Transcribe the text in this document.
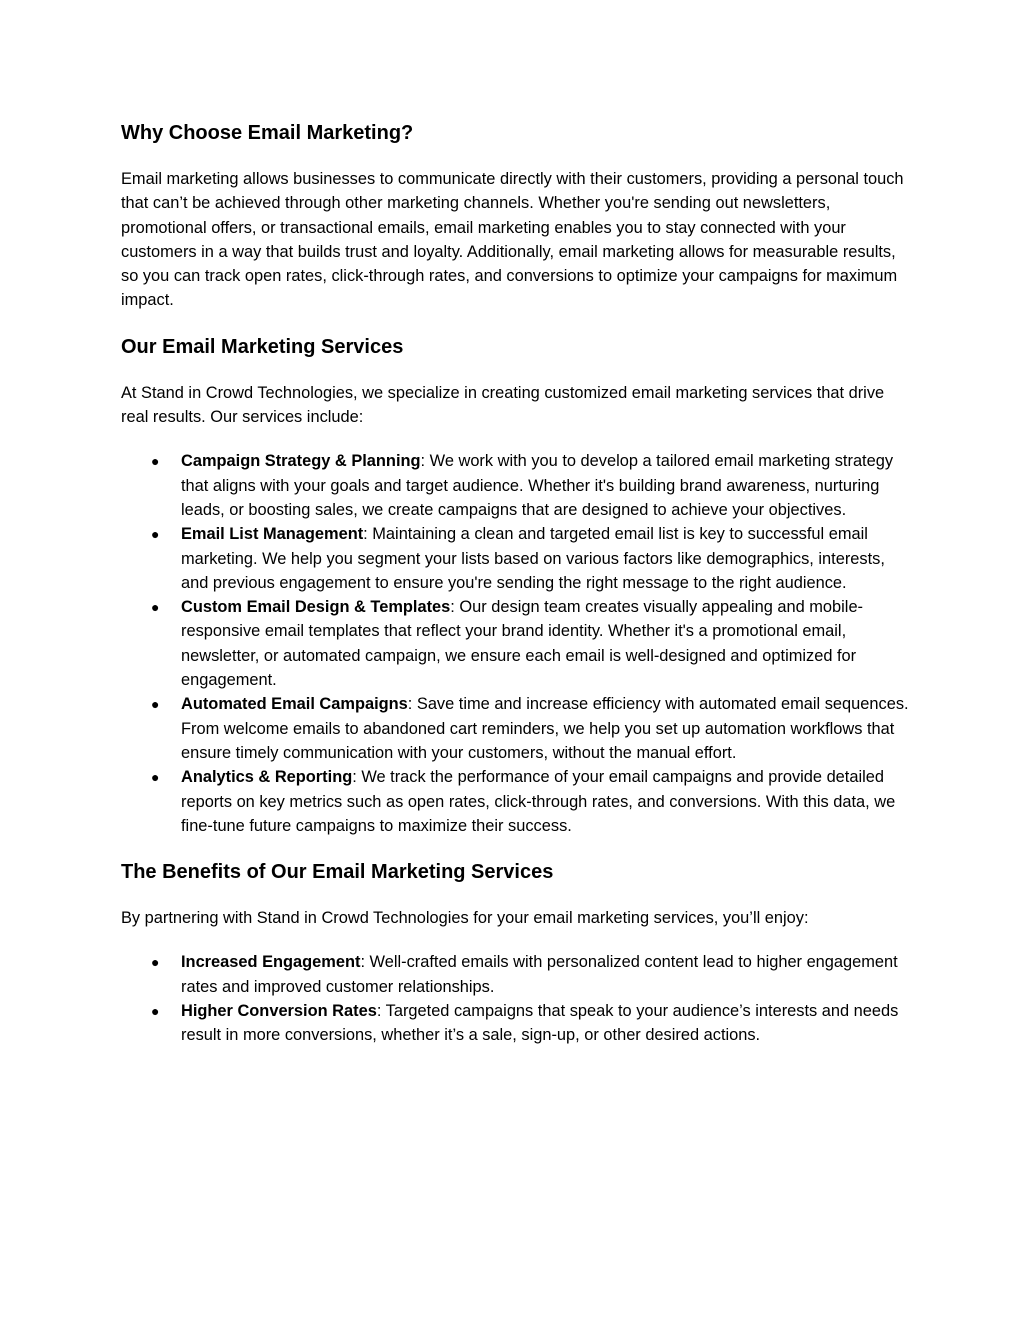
Why Choose Email Marketing?

Email marketing allows businesses to communicate directly with their customers, providing a personal touch that can’t be achieved through other marketing channels. Whether you're sending out newsletters, promotional offers, or transactional emails, email marketing enables you to stay connected with your customers in a way that builds trust and loyalty. Additionally, email marketing allows for measurable results, so you can track open rates, click-through rates, and conversions to optimize your campaigns for maximum impact.

Our Email Marketing Services

At Stand in Crowd Technologies, we specialize in creating customized email marketing services that drive real results. Our services include:

● Campaign Strategy & Planning: We work with you to develop a tailored email marketing strategy that aligns with your goals and target audience. Whether it's building brand awareness, nurturing leads, or boosting sales, we create campaigns that are designed to achieve your objectives.
● Email List Management: Maintaining a clean and targeted email list is key to successful email marketing. We help you segment your lists based on various factors like demographics, interests, and previous engagement to ensure you're sending the right message to the right audience.
● Custom Email Design & Templates: Our design team creates visually appealing and mobile-responsive email templates that reflect your brand identity. Whether it's a promotional email, newsletter, or automated campaign, we ensure each email is well-designed and optimized for engagement.
● Automated Email Campaigns: Save time and increase efficiency with automated email sequences. From welcome emails to abandoned cart reminders, we help you set up automation workflows that ensure timely communication with your customers, without the manual effort.
● Analytics & Reporting: We track the performance of your email campaigns and provide detailed reports on key metrics such as open rates, click-through rates, and conversions. With this data, we fine-tune future campaigns to maximize their success.
The Benefits of Our Email Marketing Services

By partnering with Stand in Crowd Technologies for your email marketing services, you’ll enjoy:

● Increased Engagement: Well-crafted emails with personalized content lead to higher engagement rates and improved customer relationships.
● Higher Conversion Rates: Targeted campaigns that speak to your audience’s interests and needs result in more conversions, whether it’s a sale, sign-up, or other desired actions.
